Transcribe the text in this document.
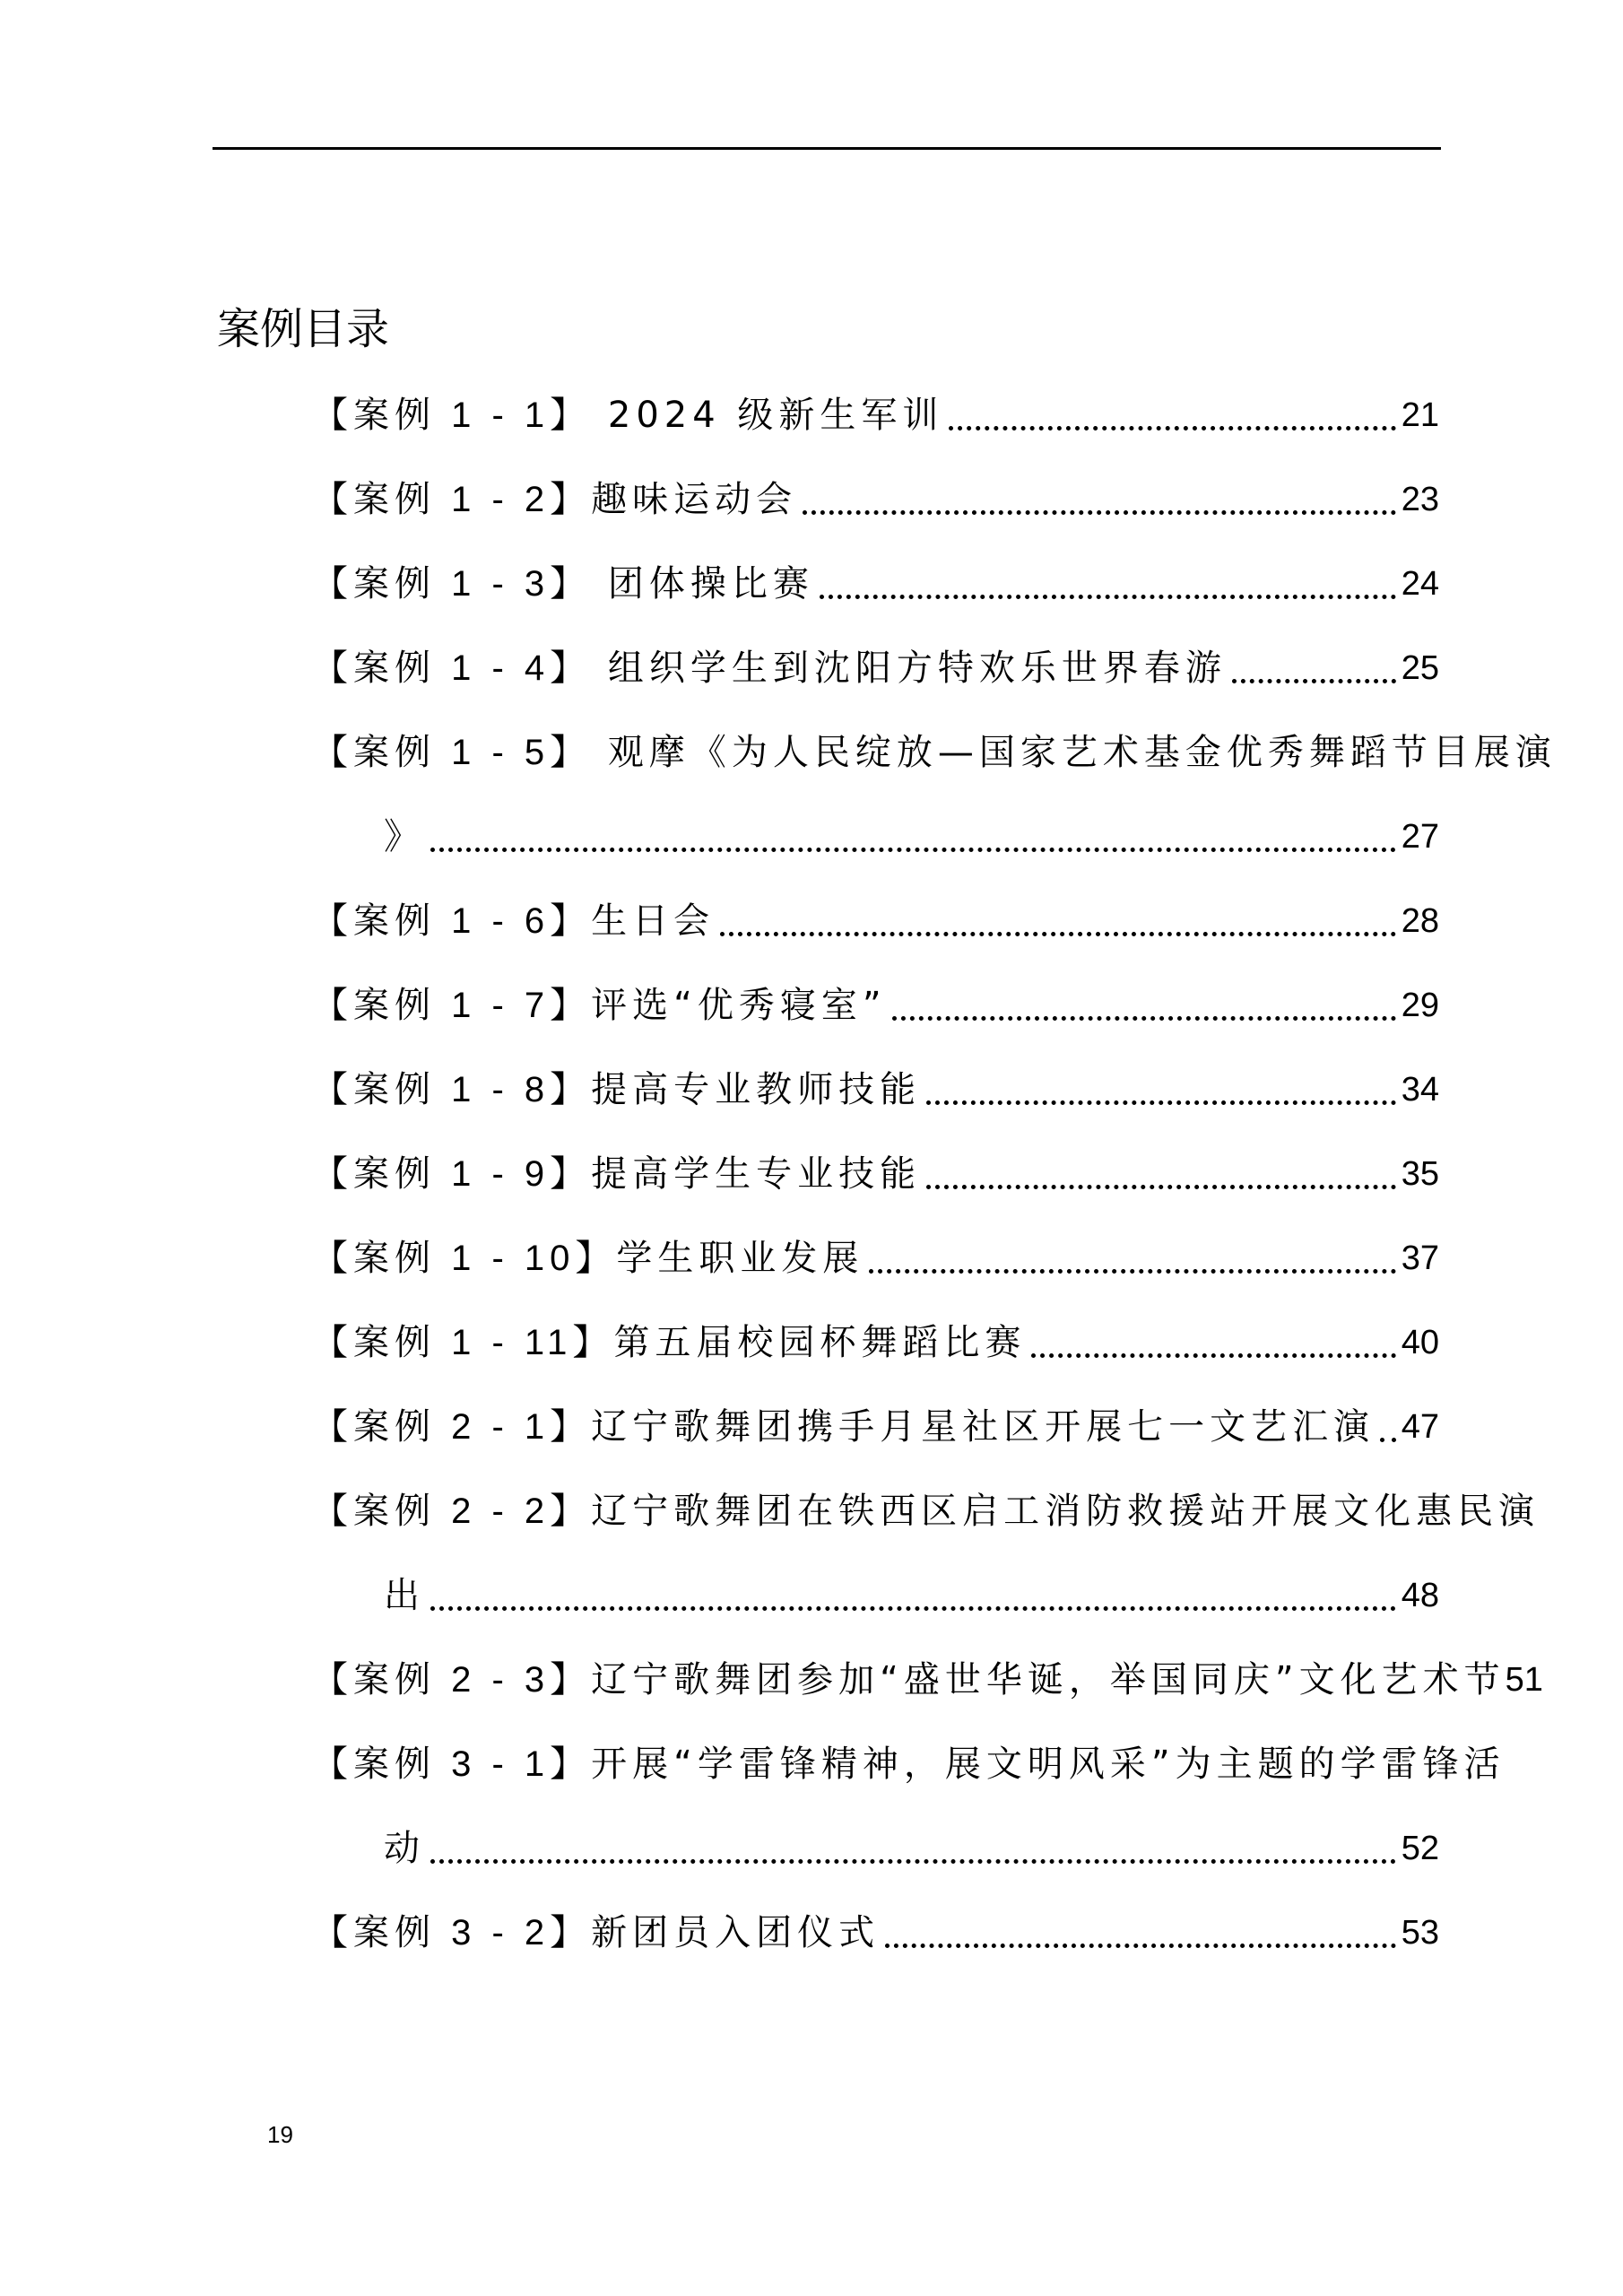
案例目录
【案例 1 - 1】 2024 级新生军训	21
【案例 1 - 2】趣味运动会	23
【案例 1 - 3】 团体操比赛	24
【案例 1 - 4】 组织学生到沈阳方特欢乐世界春游	25
【案例 1 - 5】 观摩《为人民绽放—国家艺术基金优秀舞蹈节目展演
》	27
【案例 1 - 6】生日会	28
【案例 1 - 7】评选“优秀寝室”	29
【案例 1 - 8】提高专业教师技能	34
【案例 1 - 9】提高学生专业技能	35
【案例 1 - 10】学生职业发展	37
【案例 1 - 11】第五届校园杯舞蹈比赛	40
【案例 2 - 1】辽宁歌舞团携手月星社区开展七一文艺汇演 47
【案例 2 - 2】辽宁歌舞团在铁西区启工消防救援站开展文化惠民演
出	48
【案例 2 - 3】辽宁歌舞团参加“盛世华诞，举国同庆”文化艺术节 51
【案例 3 - 1】开展“学雷锋精神，展文明风采”为主题的学雷锋活
动	52
【案例 3 - 2】新团员入团仪式	53
19
